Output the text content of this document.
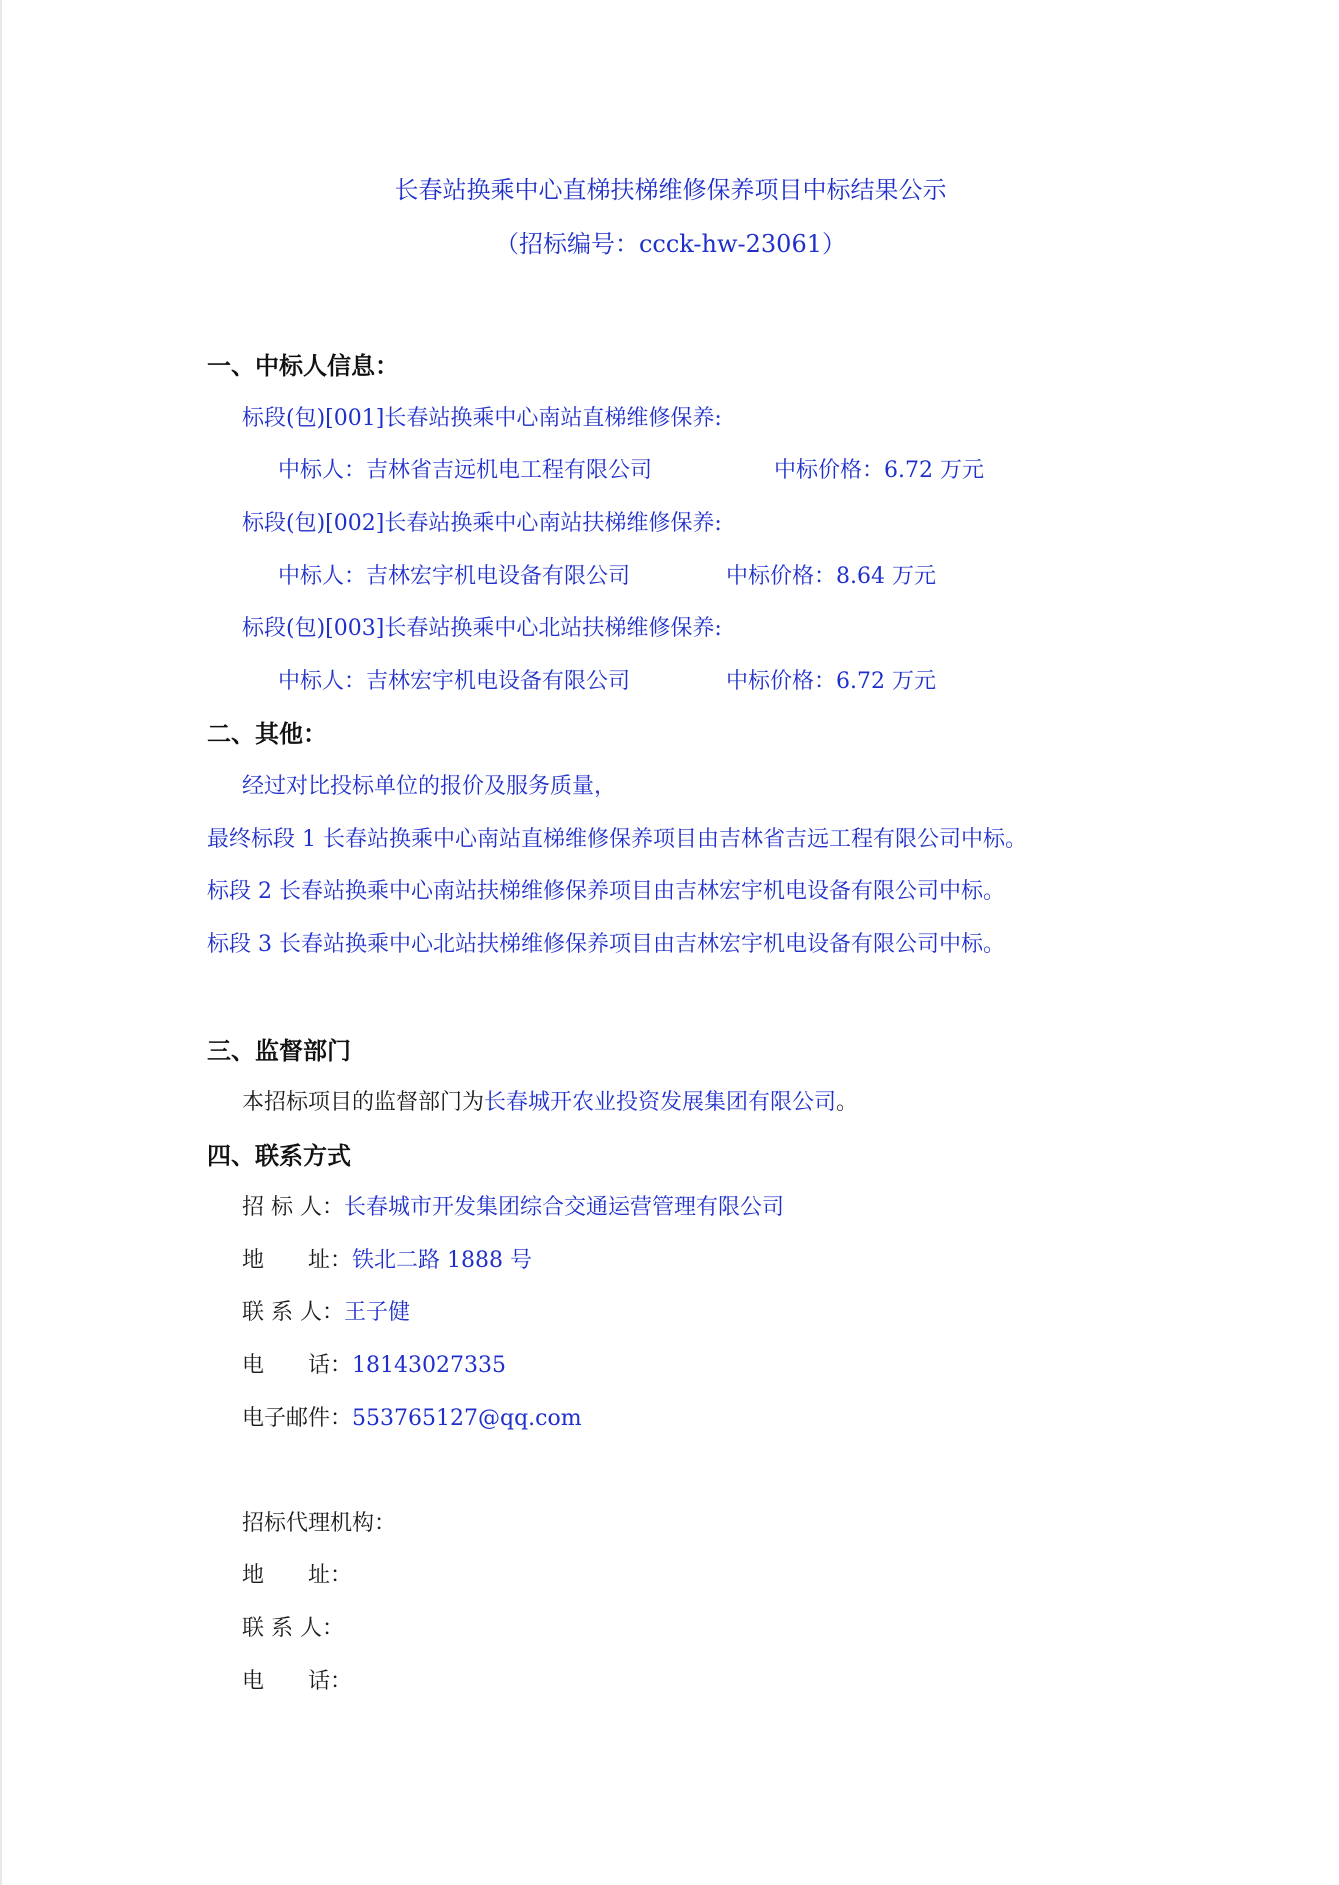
长春站换乘中心直梯扶梯维修保养项目中标结果公示
（招标编号：ccck-hw-23061）
一、中标人信息：
标段(包)[001]长春站换乘中心南站直梯维修保养:
中标人：吉林省吉远机电工程有限公司	中标价格：6.72 万元
标段(包)[002]长春站换乘中心南站扶梯维修保养:
中标人：吉林宏宇机电设备有限公司	中标价格：8.64 万元
标段(包)[003]长春站换乘中心北站扶梯维修保养:
中标人：吉林宏宇机电设备有限公司	中标价格：6.72 万元
二、其他：
经过对比投标单位的报价及服务质量，
最终标段 1 长春站换乘中心南站直梯维修保养项目由吉林省吉远工程有限公司中标。
标段 2 长春站换乘中心南站扶梯维修保养项目由吉林宏宇机电设备有限公司中标。
标段 3 长春站换乘中心北站扶梯维修保养项目由吉林宏宇机电设备有限公司中标。
三、监督部门
本招标项目的监督部门为长春城开农业投资发展集团有限公司。
四、联系方式
招 标 人：长春城市开发集团综合交通运营管理有限公司
地　　址：铁北二路 1888 号
联 系 人：王子健
电　　话：18143027335
电子邮件：553765127@qq.com
招标代理机构：
地　　址：
联 系 人：
电　　话：
